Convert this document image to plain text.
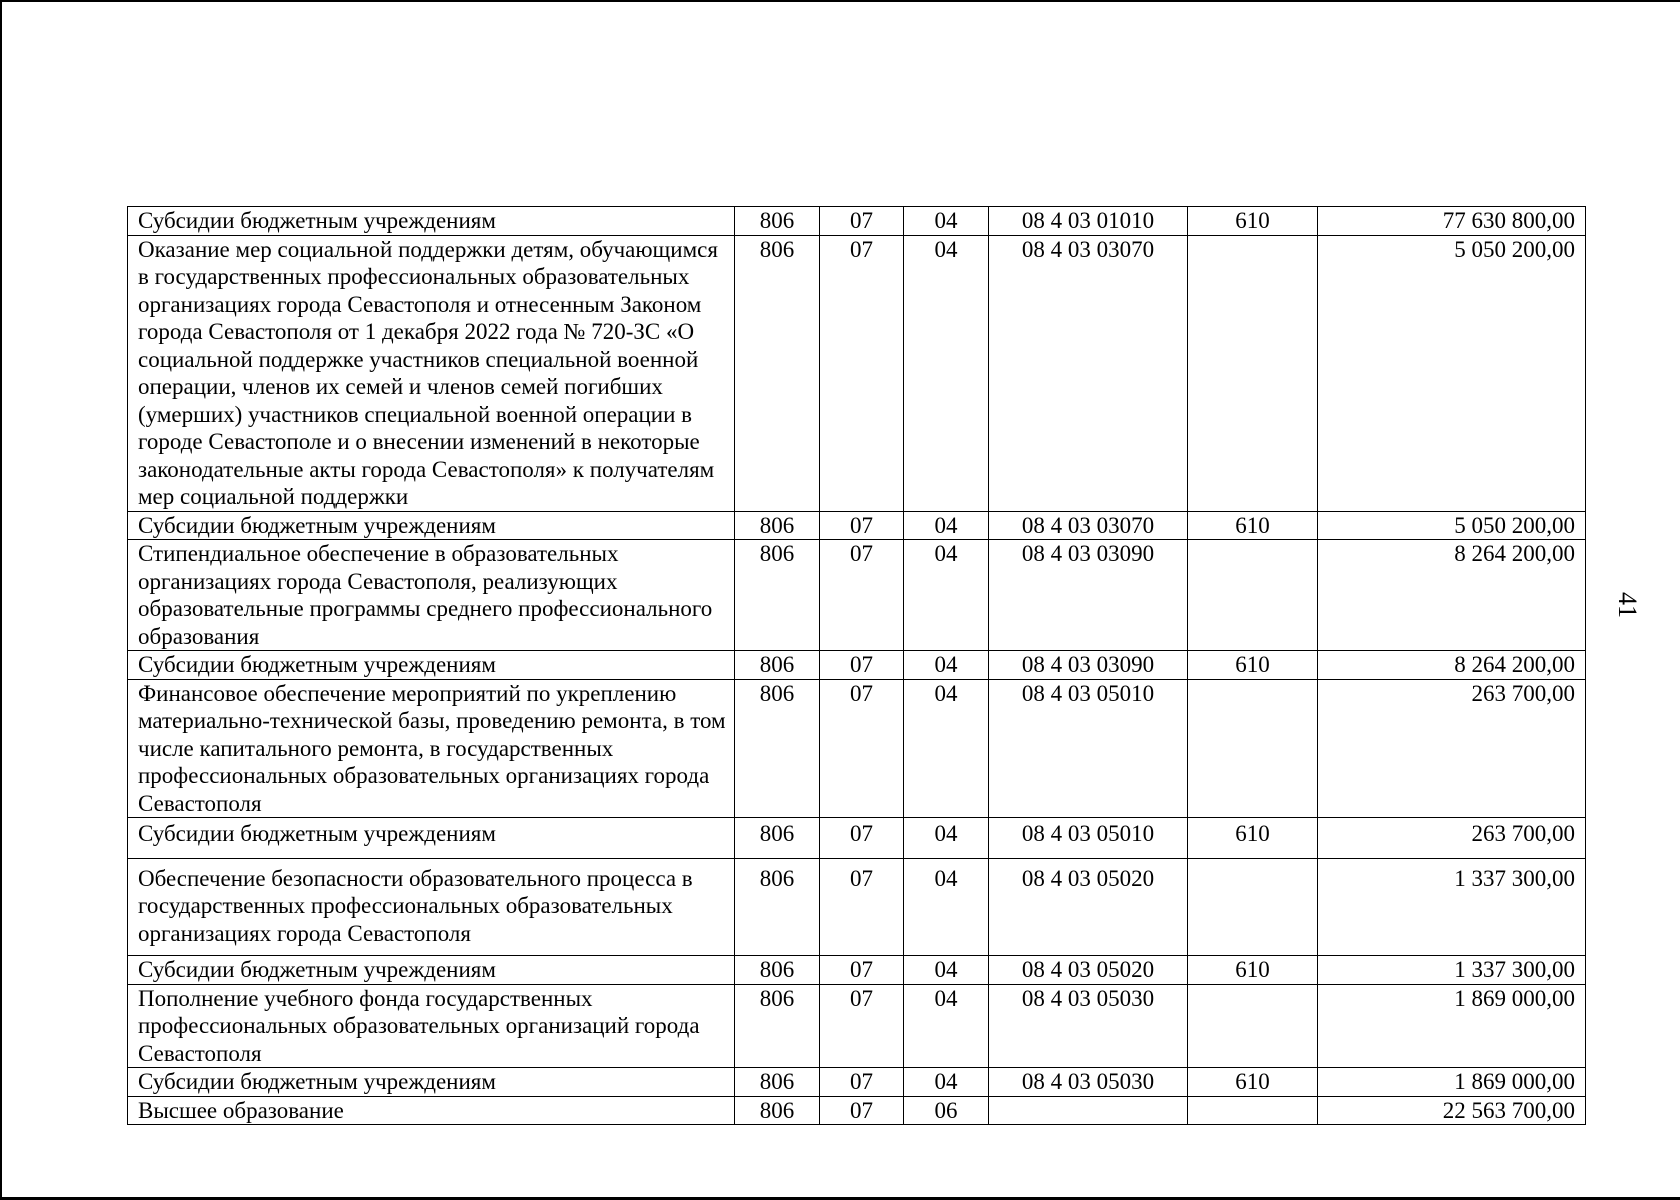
Субсидии бюджетным учреждениям	806	07	04	08 4 03 01010	610	77 630 800,00
Оказание мер социальной поддержки детям, обучающимся в государственных профессиональных образовательных организациях города Севастополя и отнесенным Законом города Севастополя от 1 декабря 2022 года № 720-ЗС «О социальной поддержке участников специальной военной операции, членов их семей и членов семей погибших (умерших) участников специальной военной операции в городе Севастополе и о внесении изменений в некоторые законодательные акты города Севастополя» к получателям мер социальной поддержки	806	07	04	08 4 03 03070		5 050 200,00
Субсидии бюджетным учреждениям	806	07	04	08 4 03 03070	610	5 050 200,00
Стипендиальное обеспечение в образовательных организациях города Севастополя, реализующих образовательные программы среднего профессионального образования	806	07	04	08 4 03 03090		8 264 200,00
Субсидии бюджетным учреждениям	806	07	04	08 4 03 03090	610	8 264 200,00
Финансовое обеспечение мероприятий по укреплению материально-технической базы, проведению ремонта, в том числе капитального ремонта, в государственных профессиональных образовательных организациях города Севастополя	806	07	04	08 4 03 05010		263 700,00
Субсидии бюджетным учреждениям	806	07	04	08 4 03 05010	610	263 700,00
Обеспечение безопасности образовательного процесса в государственных профессиональных образовательных организациях города Севастополя	806	07	04	08 4 03 05020		1 337 300,00
Субсидии бюджетным учреждениям	806	07	04	08 4 03 05020	610	1 337 300,00
Пополнение учебного фонда государственных профессиональных образовательных организаций города Севастополя	806	07	04	08 4 03 05030		1 869 000,00
Субсидии бюджетным учреждениям	806	07	04	08 4 03 05030	610	1 869 000,00
Высшее образование	806	07	06			22 563 700,00
41
